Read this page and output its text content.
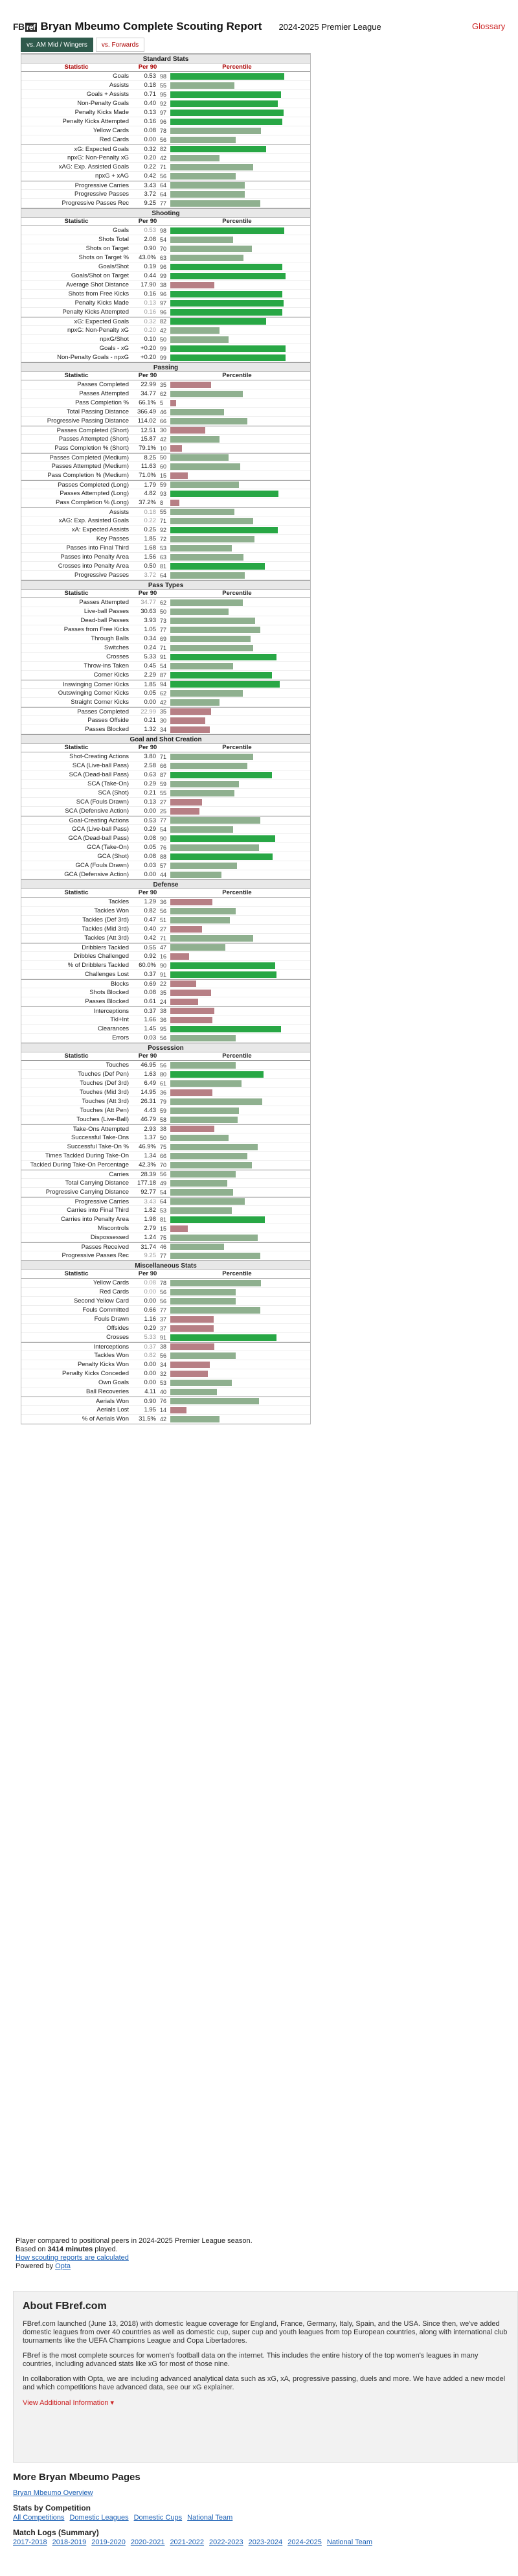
FB ref Bryan Mbeumo Complete Scouting Report 2024-2025 Premier League	Glossary
vs. AM Mid / Wingers	vs. Forwards
Standard Stats
Statistic	Per 90	Percentile
Goals	0.53 98
Assists	0.18 55
Goals + Assists	0.71 95
Non-Penalty Goals	0.40 92
Penalty Kicks Made	0.13 97
Penalty Kicks Attempted	0.16 96
Yellow Cards	0.08 78
Red Cards	0.00 56
xG: Expected Goals	0.32 82
npxG: Non-Penalty xG	0.20 42
xAG: Exp. Assisted Goals	0.22 71
npxG + xAG	0.42 56
Progressive Carries	3.43 64
Progressive Passes	3.72 64
Progressive Passes Rec	9.25 77
Shooting
Statistic	Per 90	Percentile
Goals	0.53 98
Shots Total	2.08 54
Shots on Target	0.90 70
Shots on Target %	43.0% 63
Goals/Shot	0.19 96
Goals/Shot on Target	0.44 99
Average Shot Distance	17.90 38
Shots from Free Kicks	0.16 96
Penalty Kicks Made	0.13 97
Penalty Kicks Attempted	0.16 96
xG: Expected Goals	0.32 82
npxG: Non-Penalty xG	0.20 42
npxG/Shot	0.10 50
Goals - xG	+0.20 99
Non-Penalty Goals - npxG	+0.20 99
Passing
Statistic	Per 90	Percentile
Passes Completed	22.99 35
Passes Attempted	34.77 62
Pass Completion %	66.1% 5
Total Passing Distance	366.49 46
Progressive Passing Distance	114.02 66
Passes Completed (Short)	12.51 30
Passes Attempted (Short)	15.87 42
Pass Completion % (Short)	79.1% 10
Passes Completed (Medium)	8.25 50
Passes Attempted (Medium)	11.63 60
Pass Completion % (Medium)	71.0% 15
Passes Completed (Long)	1.79 59
Passes Attempted (Long)	4.82 93
Pass Completion % (Long)	37.2% 8
Assists	0.18 55
xAG: Exp. Assisted Goals	0.22 71
xA: Expected Assists	0.25 92
Key Passes	1.85 72
Passes into Final Third	1.68 53
Passes into Penalty Area	1.56 63
Crosses into Penalty Area	0.50 81
Progressive Passes	3.72 64
Pass Types
Statistic	Per 90	Percentile
Passes Attempted	34.77 62
Live-ball Passes	30.63 50
Dead-ball Passes	3.93 73
Passes from Free Kicks	1.05 77
Through Balls	0.34 69
Switches	0.24 71
Crosses	5.33 91
Throw-ins Taken	0.45 54
Corner Kicks	2.29 87
Inswinging Corner Kicks	1.85 94
Outswinging Corner Kicks	0.05 62
Straight Corner Kicks	0.00 42
Passes Completed	22.99 35
Passes Offside	0.21 30
Passes Blocked	1.32 34
Goal and Shot Creation
Statistic	Per 90	Percentile
Shot-Creating Actions	3.80 71
SCA (Live-ball Pass)	2.58 66
SCA (Dead-ball Pass)	0.63 87
SCA (Take-On)	0.29 59
SCA (Shot)	0.21 55
SCA (Fouls Drawn)	0.13 27
SCA (Defensive Action)	0.00 25
Goal-Creating Actions	0.53 77
GCA (Live-ball Pass)	0.29 54
GCA (Dead-ball Pass)	0.08 90
GCA (Take-On)	0.05 76
GCA (Shot)	0.08 88
GCA (Fouls Drawn)	0.03 57
GCA (Defensive Action)	0.00 44
Defense
Statistic	Per 90	Percentile
Tackles	1.29 36
Tackles Won	0.82 56
Tackles (Def 3rd)	0.47 51
Tackles (Mid 3rd)	0.40 27
Tackles (Att 3rd)	0.42 71
Dribblers Tackled	0.55 47
Dribbles Challenged	0.92 16
% of Dribblers Tackled	60.0% 90
Challenges Lost	0.37 91
Blocks	0.69 22
Shots Blocked	0.08 35
Passes Blocked	0.61 24
Interceptions	0.37 38
Tkl+Int	1.66 36
Clearances	1.45 95
Errors	0.03 56
Possession
Statistic	Per 90	Percentile
Touches	46.95 56
Touches (Def Pen)	1.63 80
Touches (Def 3rd)	6.49 61
Touches (Mid 3rd)	14.95 36
Touches (Att 3rd)	26.31 79
Touches (Att Pen)	4.43 59
Touches (Live-Ball)	46.79 58
Take-Ons Attempted	2.93 38
Successful Take-Ons	1.37 50
Successful Take-On %	46.9% 75
Times Tackled During Take-On	1.34 66
Tackled During Take-On Percentage	42.3% 70
Carries	28.39 56
Total Carrying Distance	177.18 49
Progressive Carrying Distance	92.77 54
Progressive Carries	3.43 64
Carries into Final Third	1.82 53
Carries into Penalty Area	1.98 81
Miscontrols	2.79 15
Dispossessed	1.24 75
Passes Received	31.74 46
Progressive Passes Rec	9.25 77
Miscellaneous Stats
Statistic	Per 90	Percentile
Yellow Cards	0.08 78
Red Cards	0.00 56
Second Yellow Card	0.00 56
Fouls Committed	0.66 77
Fouls Drawn	1.16 37
Offsides	0.29 37
Crosses	5.33 91
Interceptions	0.37 38
Tackles Won	0.82 56
Penalty Kicks Won	0.00 34
Penalty Kicks Conceded	0.00 32
Own Goals	0.00 53
Ball Recoveries	4.11 40
Aerials Won	0.90 76
Aerials Lost	1.95 14
% of Aerials Won	31.5% 42
Player compared to positional peers in 2024-2025 Premier League season.
Based on 3414 minutes played.
How scouting reports are calculated
Powered by Opta
About FBref.com

FBref.com launched (June 13, 2018) with domestic league coverage for England, France, Germany, Italy, Spain, and the USA. Since then, we've added domestic leagues from over 40 countries as well as domestic cup, super cup and youth leagues from top European countries, along with international club tournaments like the UEFA Champions League and Copa Libertadores.

FBref is the most complete sources for women's football data on the internet. This includes the entire history of the top women's leagues in many countries, including advanced stats like xG for most of those nine.

In collaboration with Opta, we are including advanced analytical data such as xG, xA, progressive passing, duels and more. We have added a new model and which competitions have advanced data, see our xG explainer.

View Additional Information ▾
More Bryan Mbeumo Pages
Bryan Mbeumo Overview
Stats by Competition
All Competitions Domestic Leagues Domestic Cups National Team
Match Logs (Summary)
2017-2018 2018-2019 2019-2020 2020-2021 2021-2022 2022-2023 2023-2024 2024-2025 National Team
